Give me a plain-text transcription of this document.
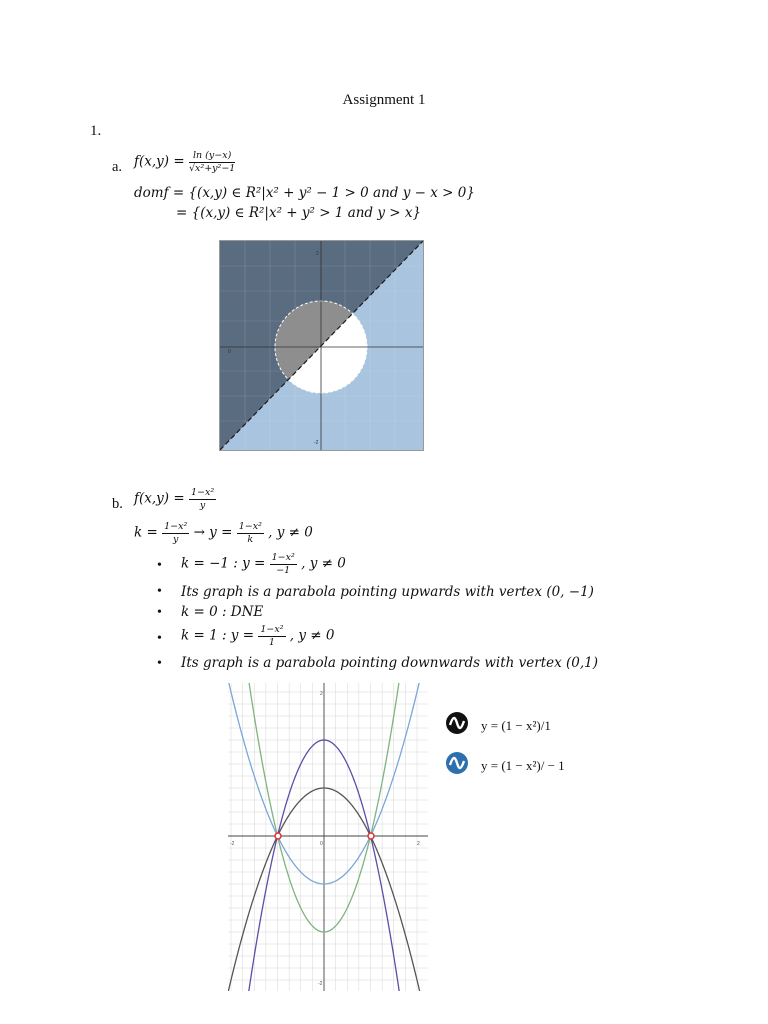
Assignment 1
1.
a. $f(x,y) = \frac{\ln (y-x)}{\text{√x²+y²−1}}$
domf = {(x,y) ∈ R²|x² + y² − 1 > 0 and y − x > 0}
= {(x,y) ∈ R²|x² + y² > 1 and y > x}
2
-2
0
b. $f(x,y) = \frac{\text{1−x²}}{y}$
$k = \frac{\text{1−x²}}{y} \to y = \frac{\text{1−x²}}{k}$ , y ≠ 0
• k = −1 : $y = \frac{\text{1−x²}}{-1}$ , y ≠ 0
• Its graph is a parabola pointing upwards with vertex (0, −1)
• k = 0 : DNE
• k = 1 : $y = \frac{\text{1−x²}}{1}$ , y ≠ 0
• Its graph is a parabola pointing downwards with vertex (0,1)
-2	0	2
2
-2
y = (1 − x²)/1
y = (1 − x²)/ − 1
